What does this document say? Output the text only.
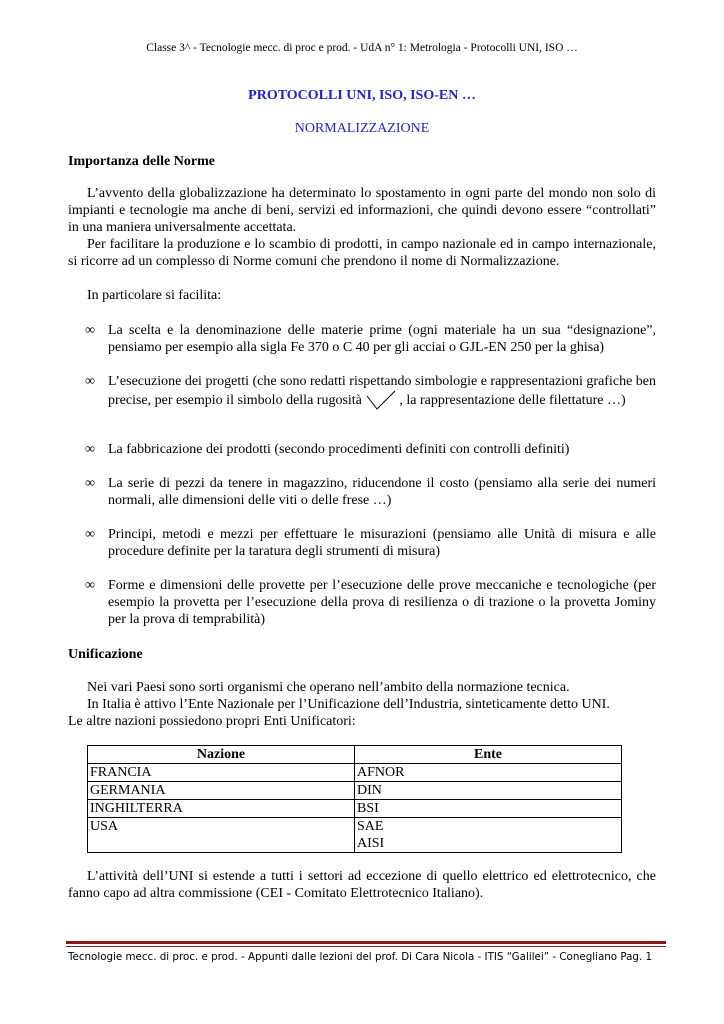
Classe 3^ - Tecnologie mecc. di proc e prod. - UdA n° 1: Metrologia - Protocolli UNI, ISO …
PROTOCOLLI UNI, ISO, ISO-EN …
NORMALIZZAZIONE
Importanza delle Norme
L’avvento della globalizzazione ha determinato lo spostamento in ogni parte del mondo non solo di impianti e tecnologie ma anche di beni, servizi ed informazioni, che quindi devono essere “controllati” in una maniera universalmente accettata.
Per facilitare la produzione e lo scambio di prodotti, in campo nazionale ed in campo internazionale, si ricorre ad un complesso di Norme comuni che prendono il nome di Normalizzazione.
In particolare si facilita:
∞ La scelta e la denominazione delle materie prime (ogni materiale ha un sua “designazione”, pensiamo per esempio alla sigla Fe 370 o C 40 per gli acciai o GJL-EN 250 per la ghisa)
∞ L’esecuzione dei progetti (che sono redatti rispettando simbologie e rappresentazioni grafiche ben precise, per esempio il simbolo della rugosità	, la rappresentazione delle filettature …)
∞ La fabbricazione dei prodotti (secondo procedimenti definiti con controlli definiti)
∞ La serie di pezzi da tenere in magazzino, riducendone il costo (pensiamo alla serie dei numeri normali, alle dimensioni delle viti o delle frese …)
∞ Principi, metodi e mezzi per effettuare le misurazioni (pensiamo alle Unità di misura e alle procedure definite per la taratura degli strumenti di misura)
∞ Forme e dimensioni delle provette per l’esecuzione delle prove meccaniche e tecnologiche (per esempio la provetta per l’esecuzione della prova di resilienza o di trazione o la provetta Jominy per la prova di temprabilità)
Unificazione
Nei vari Paesi sono sorti organismi che operano nell’ambito della normazione tecnica.
In Italia è attivo l’Ente Nazionale per l’Unificazione dell’Industria, sinteticamente detto UNI.
Le altre nazioni possiedono propri Enti Unificatori:
Nazione	Ente
FRANCIA	AFNOR
GERMANIA	DIN
INGHILTERRA	BSI

USA	SAE
AISI
L’attività dell’UNI si estende a tutti i settori ad eccezione di quello elettrico ed elettrotecnico, che fanno capo ad altra commissione (CEI - Comitato Elettrotecnico Italiano).
Tecnologie mecc. di proc. e prod. - Appunti dalle lezioni del prof. Di Cara Nicola - ITIS “Galilei” - Conegliano Pag. 1
